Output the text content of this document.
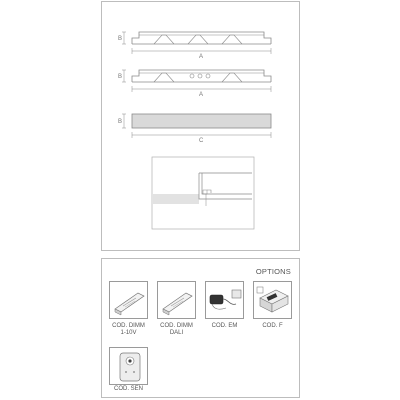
B
A
B
A
B
C
OPTIONS
COD. DIMM
1-10V
COD. DIMM
DALI
COD. EM	COD. F
COD. SEN
